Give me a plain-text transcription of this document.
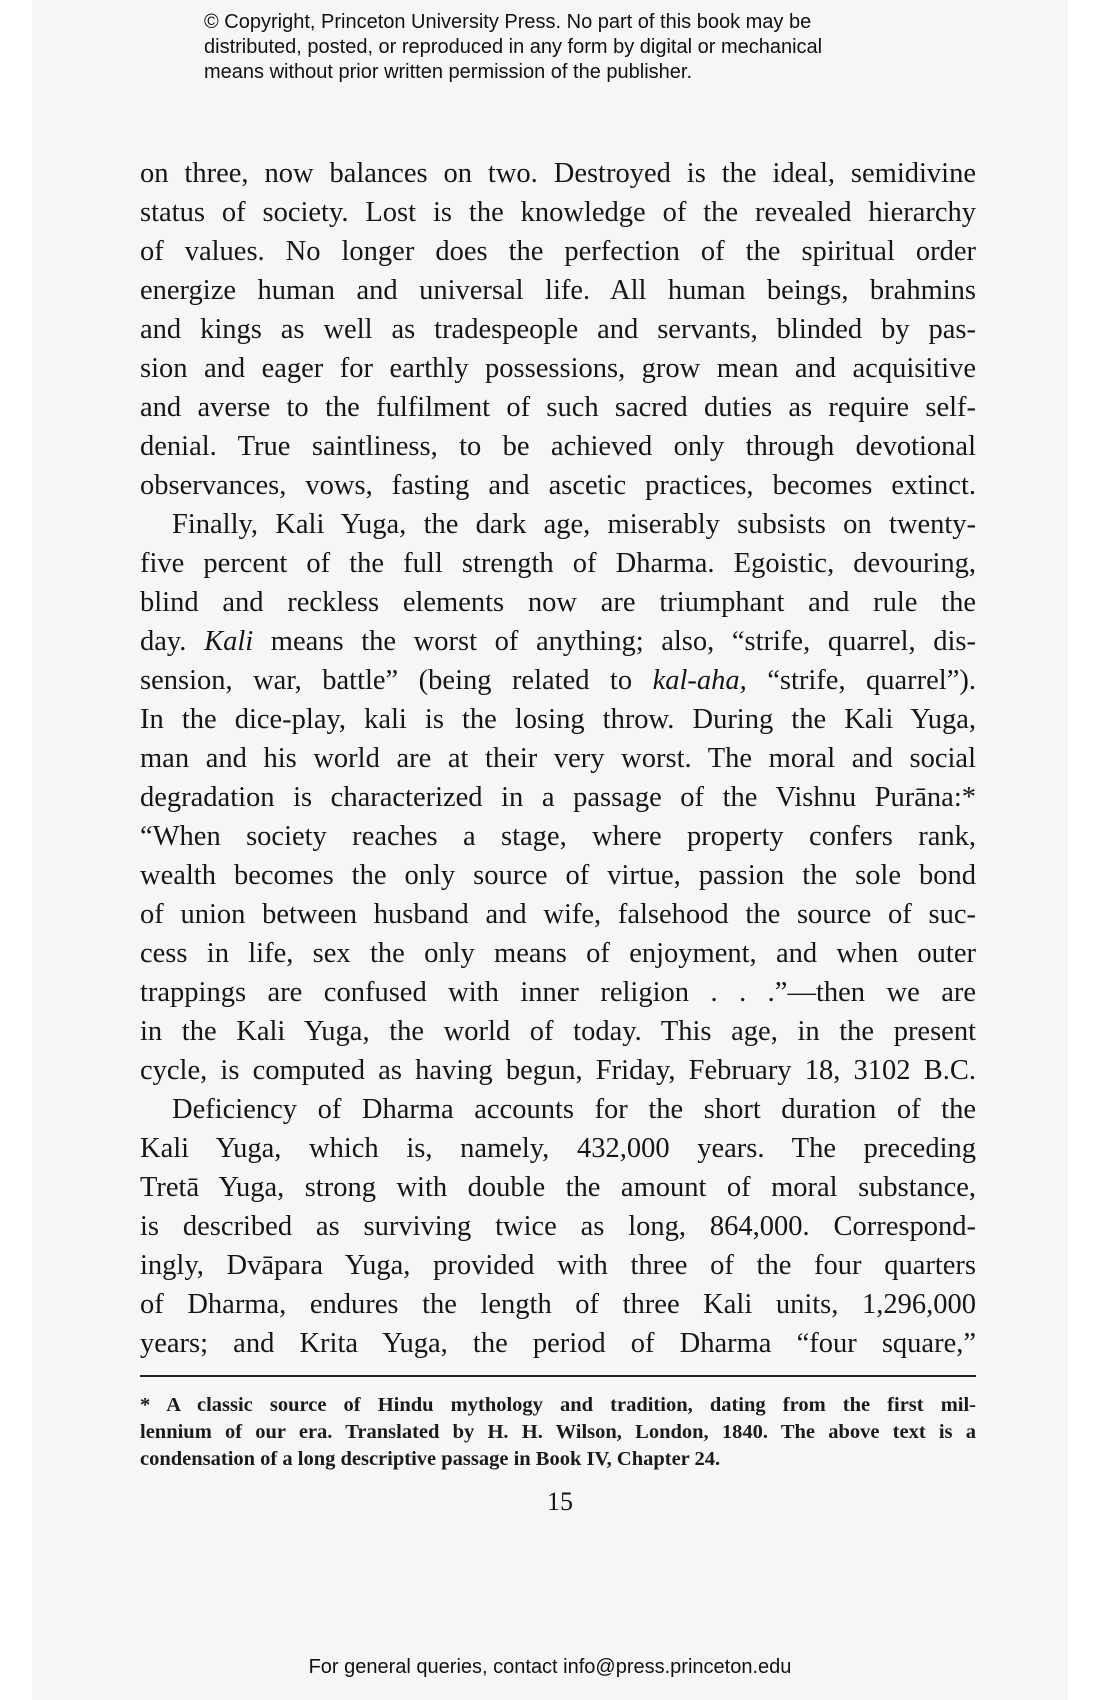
© Copyright, Princeton University Press. No part of this book may be
distributed, posted, or reproduced in any form by digital or mechanical
means without prior written permission of the publisher.
on three, now balances on two. Destroyed is the ideal, semidivine
status of society. Lost is the knowledge of the revealed hierarchy
of values. No longer does the perfection of the spiritual order
energize human and universal life. All human beings, brahmins
and kings as well as tradespeople and servants, blinded by pas-
sion and eager for earthly possessions, grow mean and acquisitive
and averse to the fulfilment of such sacred duties as require self-
denial. True saintliness, to be achieved only through devotional
observances, vows, fasting and ascetic practices, becomes extinct.
Finally, Kali Yuga, the dark age, miserably subsists on twenty-
five percent of the full strength of Dharma. Egoistic, devouring,
blind and reckless elements now are triumphant and rule the
day. Kali means the worst of anything; also, “strife, quarrel, dis-
sension, war, battle” (being related to kal-aha, “strife, quarrel”).
In the dice-play, kali is the losing throw. During the Kali Yuga,
man and his world are at their very worst. The moral and social
degradation is characterized in a passage of the Vishnu Purāna:*
“When society reaches a stage, where property confers rank,
wealth becomes the only source of virtue, passion the sole bond
of union between husband and wife, falsehood the source of suc-
cess in life, sex the only means of enjoyment, and when outer
trappings are confused with inner religion . . .”—then we are
in the Kali Yuga, the world of today. This age, in the present
cycle, is computed as having begun, Friday, February 18, 3102 B.C.
Deficiency of Dharma accounts for the short duration of the
Kali Yuga, which is, namely, 432,000 years. The preceding
Tretā Yuga, strong with double the amount of moral substance,
is described as surviving twice as long, 864,000. Correspond-
ingly, Dvāpara Yuga, provided with three of the four quarters
of Dharma, endures the length of three Kali units, 1,296,000
years; and Krita Yuga, the period of Dharma “four square,”
* A classic source of Hindu mythology and tradition, dating from the first mil-
lennium of our era. Translated by H. H. Wilson, London, 1840. The above text is a
condensation of a long descriptive passage in Book IV, Chapter 24.
15
For general queries, contact info@press.princeton.edu
